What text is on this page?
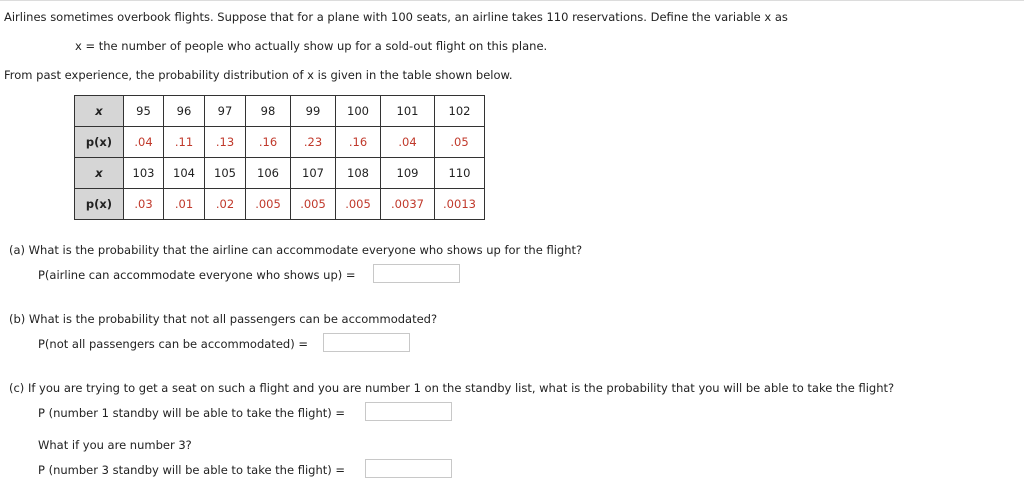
Airlines sometimes overbook flights. Suppose that for a plane with 100 seats, an airline takes 110 reservations. Define the variable x as
x = the number of people who actually show up for a sold-out flight on this plane.
From past experience, the probability distribution of x is given in the table shown below.
x	95	96	97	98	99	100	101	102
p(x)	.04	.11	.13	.16	.23	.16	.04	.05
x	103	104	105	106	107	108	109	110
p(x)	.03	.01	.02	.005	.005	.005	.0037	.0013
(a) What is the probability that the airline can accommodate everyone who shows up for the flight?
P(airline can accommodate everyone who shows up) =
(b) What is the probability that not all passengers can be accommodated?
P(not all passengers can be accommodated) =
(c) If you are trying to get a seat on such a flight and you are number 1 on the standby list, what is the probability that you will be able to take the flight?
P (number 1 standby will be able to take the flight) =
What if you are number 3?
P (number 3 standby will be able to take the flight) =
